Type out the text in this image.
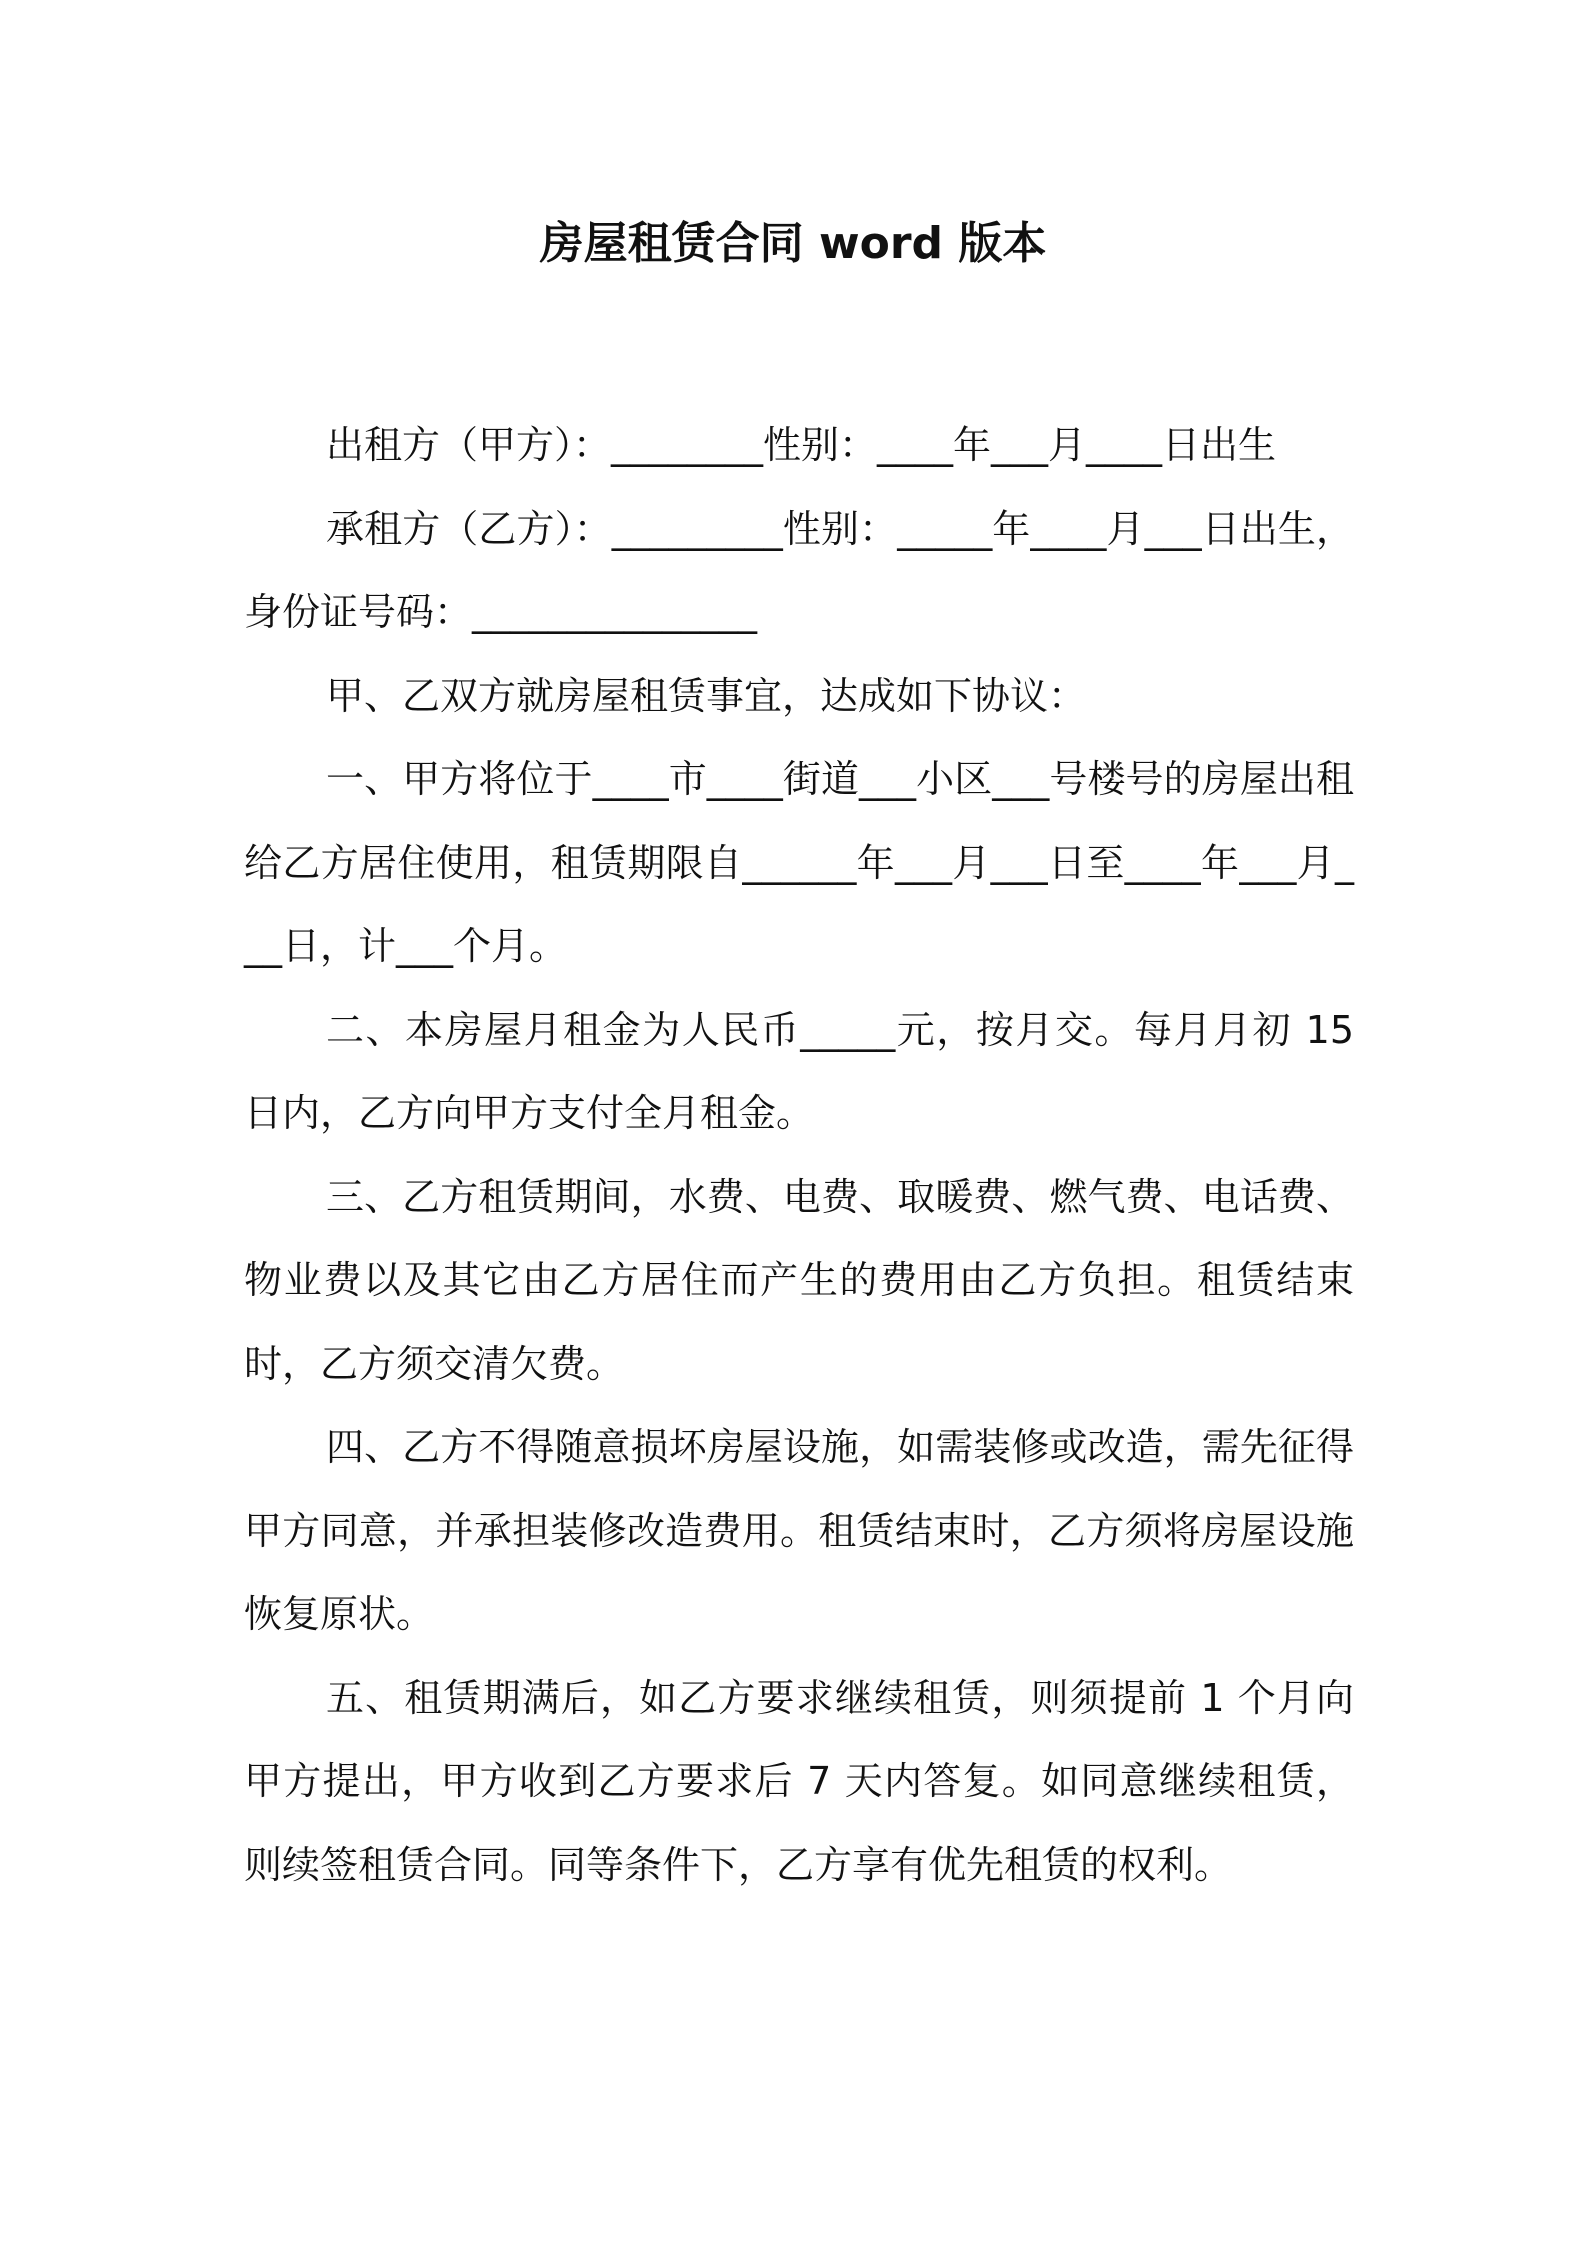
房屋租赁合同 word 版本

出租方（甲方）：________性别：____年___月____日出生

承租方（乙方）：_________性别：_____年____月___日出生，身份证号码：_______________

甲、乙双方就房屋租赁事宜，达成如下协议：

一、甲方将位于____市____街道___小区___号楼号的房屋出租给乙方居住使用，租赁期限自______年___月___日至____年___月___日，计___个月。

二、本房屋月租金为人民币_____元，按月交。每月月初 15 日内，乙方向甲方支付全月租金。

三、乙方租赁期间，水费、电费、取暖费、燃气费、电话费、物业费以及其它由乙方居住而产生的费用由乙方负担。租赁结束时，乙方须交清欠费。

四、乙方不得随意损坏房屋设施，如需装修或改造，需先征得甲方同意，并承担装修改造费用。租赁结束时，乙方须将房屋设施恢复原状。

五、租赁期满后，如乙方要求继续租赁，则须提前 1 个月向甲方提出，甲方收到乙方要求后 7 天内答复。如同意继续租赁，则续签租赁合同。同等条件下，乙方享有优先租赁的权利。
